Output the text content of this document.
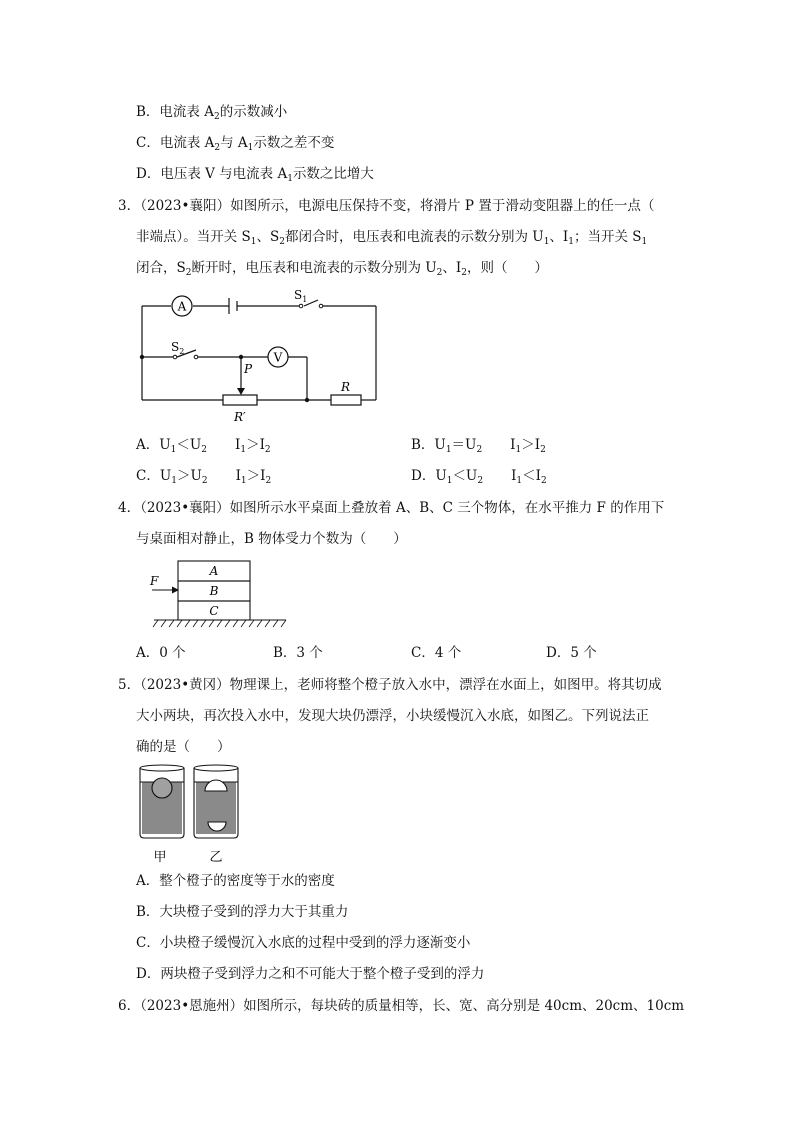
B．电流表 $A_2$的示数减小
C．电流表 $A_2$与 $A_1$示数之差不变
D．电压表 V 与电流表 $A_1$示数之比增大
3．（2023•襄阳）如图所示，电源电压保持不变，将滑片 P 置于滑动变阻器上的任一点（
非端点）。当开关 $S_1$、$S_2$都闭合时，电压表和电流表的示数分别为 $U_1$、$I_1$；当开关 $S_1$
闭合，$S_2$断开时，电压表和电流表的示数分别为 $U_2$、$I_2$，则（　　）
A
V
$S_1$
$S_2$
P
R′
R
A．$U_1<U_2$ $I_1>I_2$	B．$U_1=U_2$ $I_1>I_2$
C．$U_1>U_2$ $I_1>I_2$	D．$U_1<U_2$ $I_1<I_2$
4．（2023•襄阳）如图所示水平桌面上叠放着 A、B、C 三个物体，在水平推力 F 的作用下
与桌面相对静止，B 物体受力个数为（　　）
F
A
B
C
A．0 个	B．3 个	C．4 个	D．5 个
5．（2023•黄冈）物理课上，老师将整个橙子放入水中，漂浮在水面上，如图甲。将其切成
大小两块，再次投入水中，发现大块仍漂浮，小块缓慢沉入水底，如图乙。下列说法正
确的是（　　）
甲	乙
A．整个橙子的密度等于水的密度
B．大块橙子受到的浮力大于其重力
C．小块橙子缓慢沉入水底的过程中受到的浮力逐渐变小
D．两块橙子受到浮力之和不可能大于整个橙子受到的浮力
6．（2023•恩施州）如图所示，每块砖的质量相等，长、宽、高分别是 40cm、20cm、10cm
